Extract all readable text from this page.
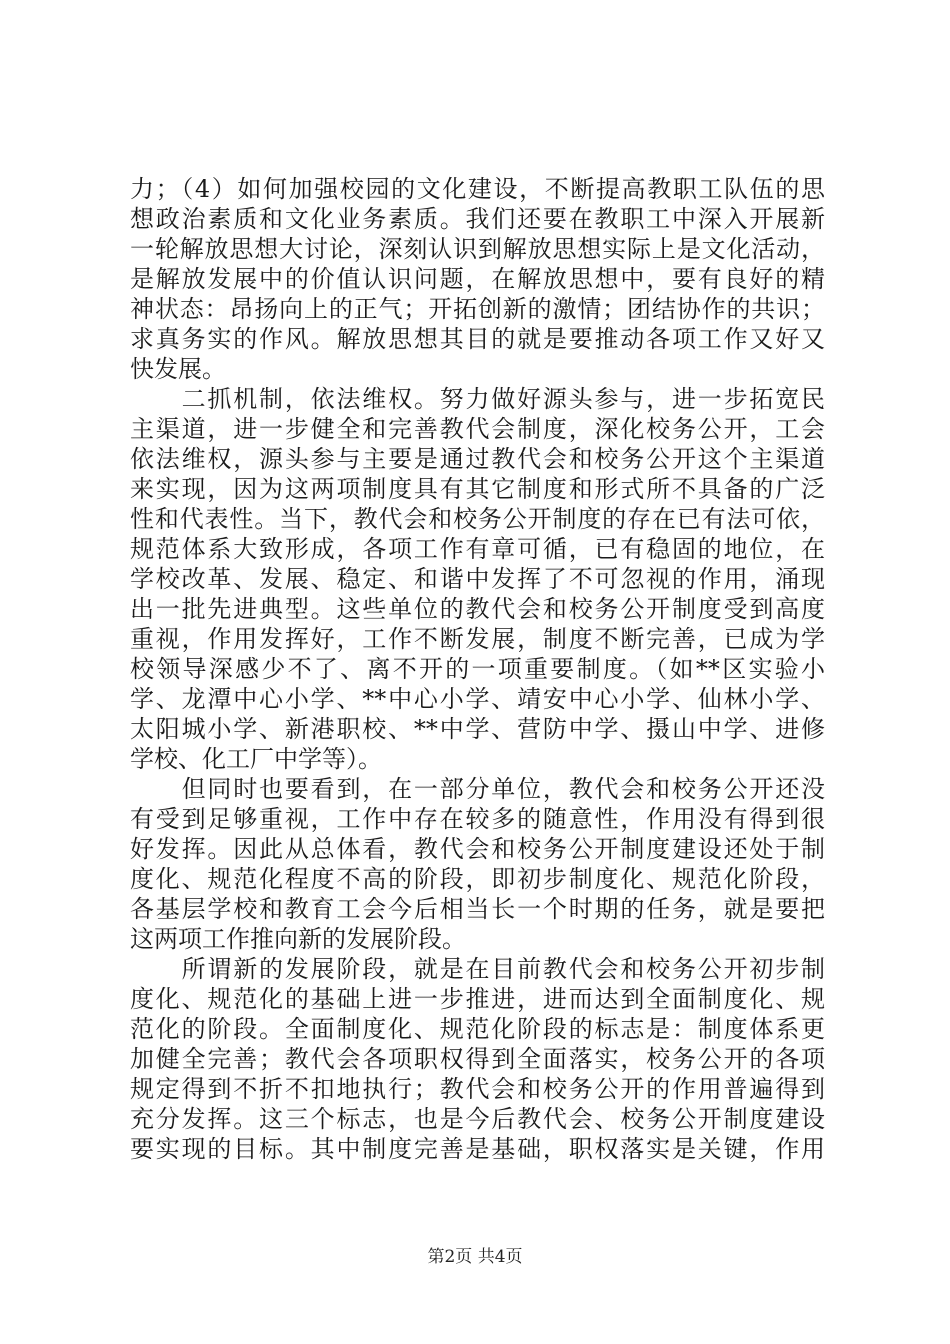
力；（4）如何加强校园的文化建设，不断提高教职工队伍的思
想政治素质和文化业务素质。我们还要在教职工中深入开展新
一轮解放思想大讨论，深刻认识到解放思想实际上是文化活动，
是解放发展中的价值认识问题，在解放思想中，要有良好的精
神状态：昂扬向上的正气；开拓创新的激情；团结协作的共识；
求真务实的作风。解放思想其目的就是要推动各项工作又好又
快发展。
　　二抓机制，依法维权。努力做好源头参与，进一步拓宽民
主渠道，进一步健全和完善教代会制度，深化校务公开，工会
依法维权，源头参与主要是通过教代会和校务公开这个主渠道
来实现，因为这两项制度具有其它制度和形式所不具备的广泛
性和代表性。当下，教代会和校务公开制度的存在已有法可依，
规范体系大致形成，各项工作有章可循，已有稳固的地位，在
学校改革、发展、稳定、和谐中发挥了不可忽视的作用，涌现
出一批先进典型。这些单位的教代会和校务公开制度受到高度
重视，作用发挥好，工作不断发展，制度不断完善，已成为学
校领导深感少不了、离不开的一项重要制度。（如**区实验小
学、龙潭中心小学、**中心小学、靖安中心小学、仙林小学、
太阳城小学、新港职校、**中学、营防中学、摄山中学、进修
学校、化工厂中学等）。
　　但同时也要看到，在一部分单位，教代会和校务公开还没
有受到足够重视，工作中存在较多的随意性，作用没有得到很
好发挥。因此从总体看，教代会和校务公开制度建设还处于制
度化、规范化程度不高的阶段，即初步制度化、规范化阶段，
各基层学校和教育工会今后相当长一个时期的任务，就是要把
这两项工作推向新的发展阶段。
　　所谓新的发展阶段，就是在目前教代会和校务公开初步制
度化、规范化的基础上进一步推进，进而达到全面制度化、规
范化的阶段。全面制度化、规范化阶段的标志是：制度体系更
加健全完善；教代会各项职权得到全面落实，校务公开的各项
规定得到不折不扣地执行；教代会和校务公开的作用普遍得到
充分发挥。这三个标志，也是今后教代会、校务公开制度建设
要实现的目标。其中制度完善是基础，职权落实是关键，作用
第2页 共4页
